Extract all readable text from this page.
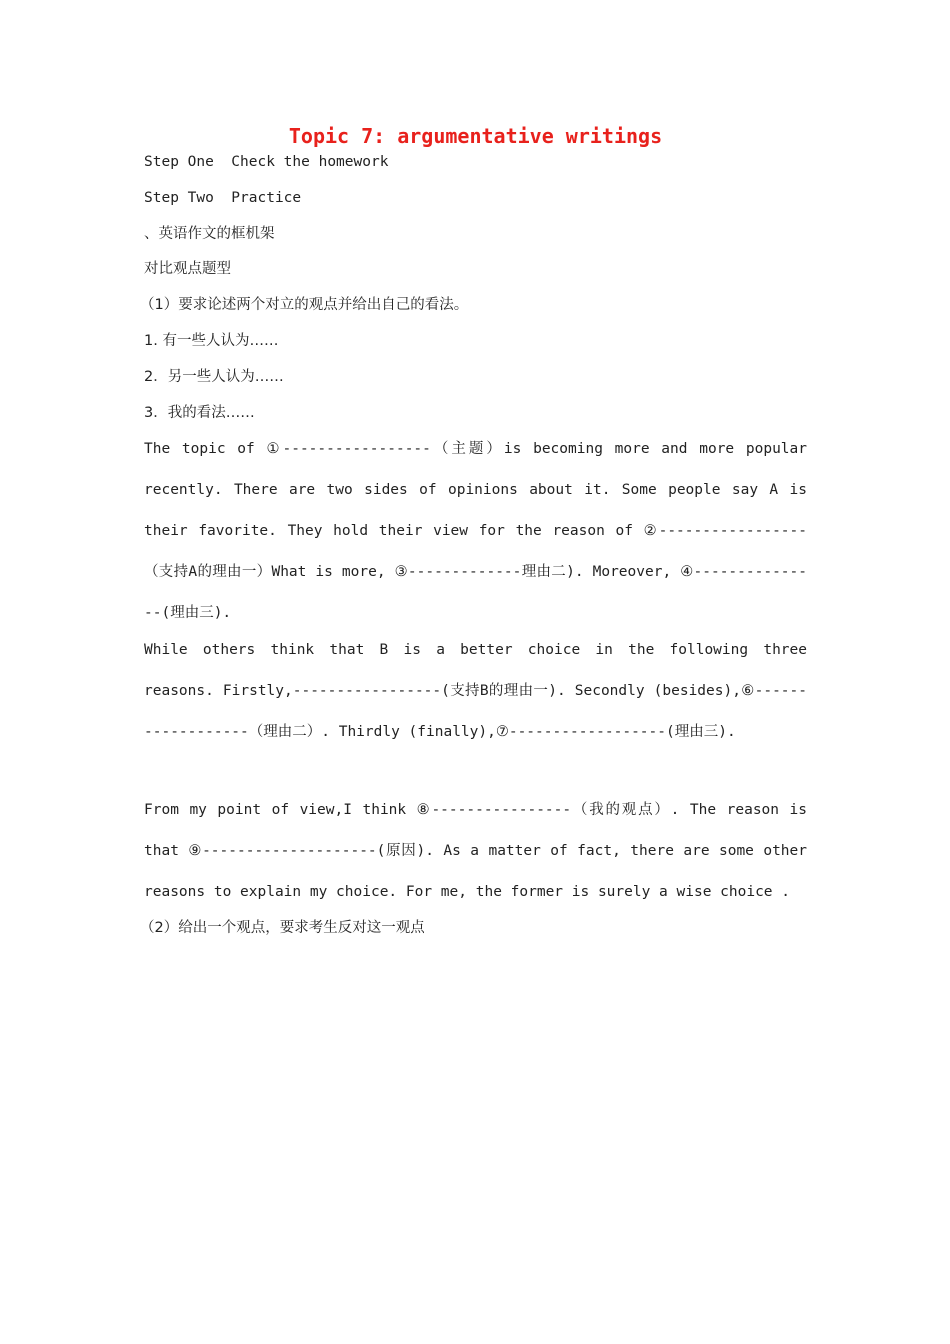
Topic 7: argumentative writings
Step One  Check the homework
Step Two  Practice
、英语作文的框机架
对比观点题型
（1）要求论述两个对立的观点并给出自己的看法。
1. 有一些人认为……
2．另一些人认为……
3．我的看法……
The topic of ①-----------------（主题）is becoming more and more popular recently. There are two sides of opinions about it. Some people say A is their favorite. They hold their view for the reason of ②-----------------（支持A的理由一）What is more, ③-------------理由二). Moreover, ④---------------(理由三).
While others think that B is a better choice in the following three reasons. Firstly,-----------------(支持B的理由一). Secondly (besides),⑥------------------（理由二）. Thirdly (finally),⑦------------------(理由三).
From my point of view,I think ⑧----------------（我的观点）. The reason is that ⑨--------------------(原因). As a matter of fact, there are some other reasons to explain my choice. For me, the former is surely a wise choice .
（2）给出一个观点，要求考生反对这一观点
